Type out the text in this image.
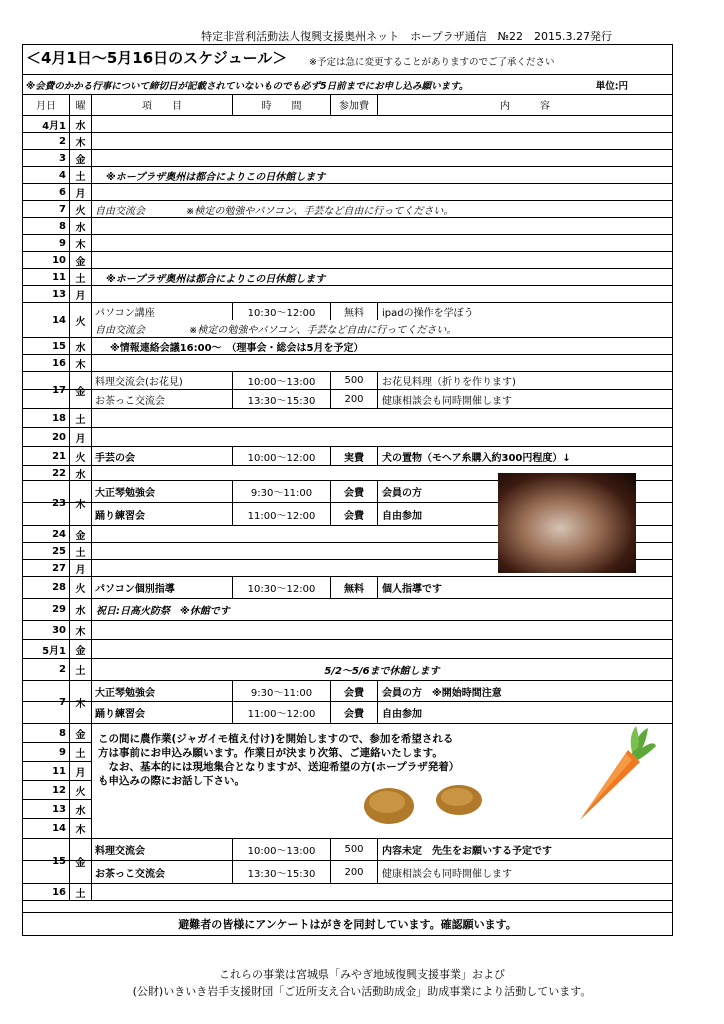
特定非営利活動法人復興支援奥州ネット　ホープラザ通信　№22　2015.3.27発行
＜4月1日～5月16日のスケジュール＞ ※予定は急に変更することがありますのでご了承ください
※会費のかかる行事について締切日が記載されていないものでも必ず5日前までにお申し込み願います。	単位:円
月日	曜	項　　目	時　　間	参加費	内　　　容
4月1 水
2 木
3 金
4 土	※ホープラザ奥州は都合によりこの日休館します
6 月
7 火 自由交流会	※検定の勉強やパソコン、手芸など自由に行ってください。
8 水
9 木
10 金
11 土	※ホープラザ奥州は都合によりこの日休館します
13 月
14 火
パソコン講座	10:30～12:00	無料	ipadの操作を学ぼう
自由交流会	※検定の勉強やパソコン、手芸など自由に行ってください。
15 水	※情報連絡会議16:00～　（理事会・総会は5月を予定）
16 木
17 金
料理交流会(お花見)	10:00～13:00	500	お花見料理（折りを作ります)
お茶っこ交流会	13:30～15:30	200	健康相談会も同時開催します
18 土
20 月
21 火 手芸の会	10:00～12:00	実費	犬の置物（モヘア糸購入約300円程度）↓
22 水
23 木
大正琴勉強会	9:30～11:00	会費	会員の方
踊り練習会	11:00～12:00	会費	自由参加
24 金
25 土
27 月
28 火 パソコン個別指導	10:30～12:00	無料	個人指導です
29 水	祝日:日高火防祭　※休館です
30 木
5月1 金
2 土	5/2～5/6まで休館します
7 木
大正琴勉強会	9:30～11:00	会費	会員の方　※開始時間注意
踊り練習会	11:00～12:00	会費	自由参加
8 金
9 土
11 月
12 火
13 水
14 木
この間に農作業(ジャガイモ植え付け)を開始しますので、参加を希望される
方は事前にお申込み願います。作業日が決まり次第、ご連絡いたします。
　なお、基本的には現地集合となりますが、送迎希望の方(ホープラザ発着）
も申込みの際にお話し下さい。
15 金
料理交流会	10:00～13:00	500	内容未定　先生をお願いする予定です
お茶っこ交流会	13:30～15:30	200	健康相談会も同時開催します
16 土
避難者の皆様にアンケートはがきを同封しています。確認願います。
これらの事業は宮城県「みやぎ地域復興支援事業」および
(公財)いきいき岩手支援財団「ご近所支え合い活動助成金」助成事業により活動しています。
